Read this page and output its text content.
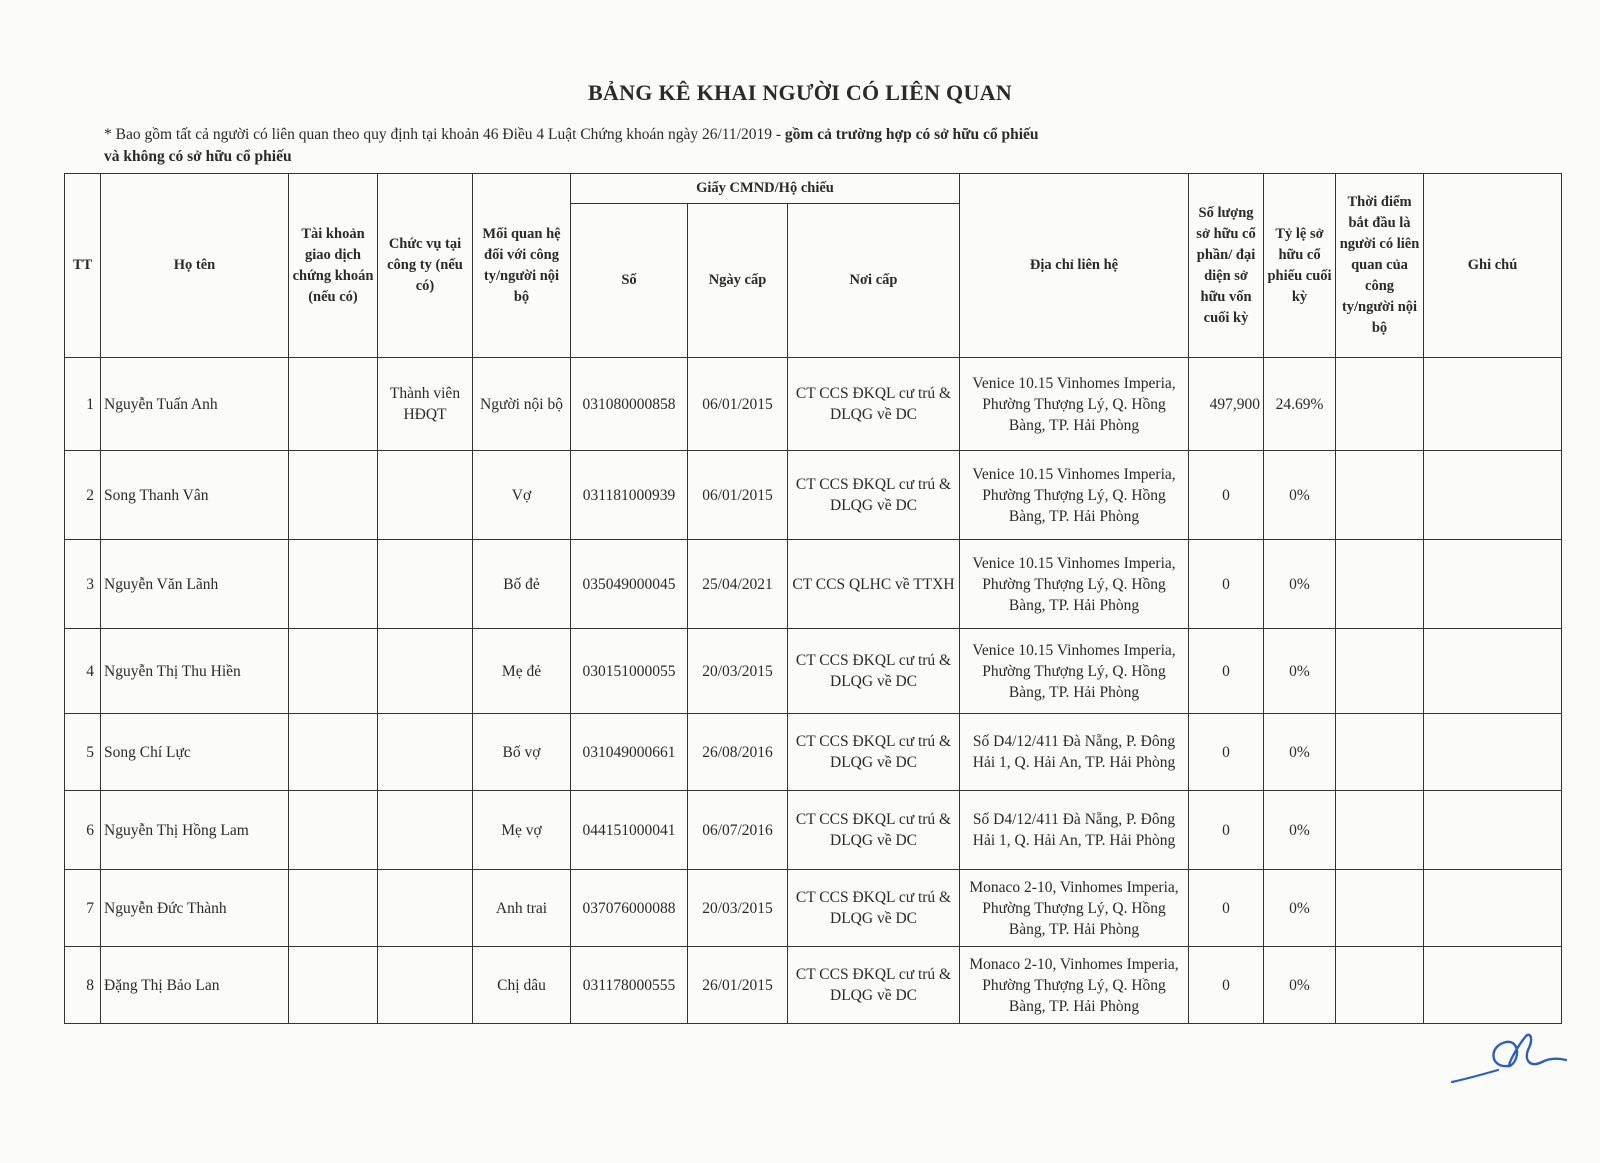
BẢNG KÊ KHAI NGƯỜI CÓ LIÊN QUAN
* Bao gồm tất cả người có liên quan theo quy định tại khoản 46 Điều 4 Luật Chứng khoán ngày 26/11/2019 - gồm cả trường hợp có sở hữu cổ phiếu
và không có sở hữu cổ phiếu
TT	Họ tên	Tài khoản giao dịch chứng khoán (nếu có)	Chức vụ tại công ty (nếu có)	Mối quan hệ đối với công ty/người nội bộ	Giấy CMND/Hộ chiếu			Địa chỉ liên hệ	Số lượng sở hữu cổ phần/ đại diện sở hữu vốn cuối kỳ	Tỷ lệ sở hữu cổ phiếu cuối kỳ	Thời điểm bắt đầu là người có liên quan của công ty/người nội bộ	Ghi chú
					Số	Ngày cấp	Nơi cấp					
1	Nguyễn Tuấn Anh		Thành viên HĐQT	Người nội bộ	031080000858	06/01/2015	CT CCS ĐKQL cư trú & DLQG về DC	Venice 10.15 Vinhomes Imperia, Phường Thượng Lý, Q. Hồng Bàng, TP. Hải Phòng	497,900	24.69%		
2	Song Thanh Vân			Vợ	031181000939	06/01/2015	CT CCS ĐKQL cư trú & DLQG về DC	Venice 10.15 Vinhomes Imperia, Phường Thượng Lý, Q. Hồng Bàng, TP. Hải Phòng	0	0%		
3	Nguyễn Văn Lãnh			Bố đẻ	035049000045	25/04/2021	CT CCS QLHC về TTXH	Venice 10.15 Vinhomes Imperia, Phường Thượng Lý, Q. Hồng Bàng, TP. Hải Phòng	0	0%		
4	Nguyễn Thị Thu Hiền			Mẹ đẻ	030151000055	20/03/2015	CT CCS ĐKQL cư trú & DLQG về DC	Venice 10.15 Vinhomes Imperia, Phường Thượng Lý, Q. Hồng Bàng, TP. Hải Phòng	0	0%		
5	Song Chí Lực			Bố vợ	031049000661	26/08/2016	CT CCS ĐKQL cư trú & DLQG về DC	Số D4/12/411 Đà Nẵng, P. Đông Hải 1, Q. Hải An, TP. Hải Phòng	0	0%		
6	Nguyễn Thị Hồng Lam			Mẹ vợ	044151000041	06/07/2016	CT CCS ĐKQL cư trú & DLQG về DC	Số D4/12/411 Đà Nẵng, P. Đông Hải 1, Q. Hải An, TP. Hải Phòng	0	0%		
7	Nguyễn Đức Thành			Anh trai	037076000088	20/03/2015	CT CCS ĐKQL cư trú & DLQG về DC	Monaco 2-10, Vinhomes Imperia, Phường Thượng Lý, Q. Hồng Bàng, TP. Hải Phòng	0	0%		
8	Đặng Thị Bảo Lan			Chị dâu	031178000555	26/01/2015	CT CCS ĐKQL cư trú & DLQG về DC	Monaco 2-10, Vinhomes Imperia, Phường Thượng Lý, Q. Hồng Bàng, TP. Hải Phòng	0	0%		
